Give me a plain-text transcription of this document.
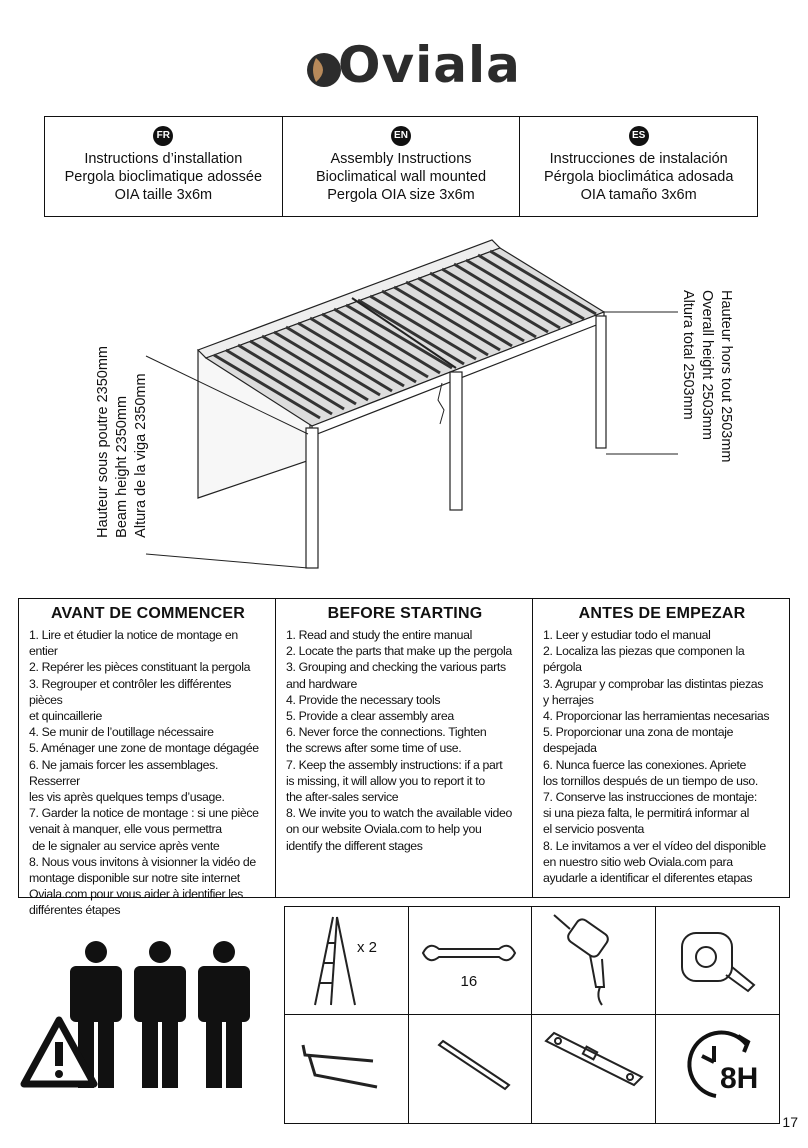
Oviala
FR
Instructions d’installation
Pergola bioclimatique adossée
OIA taille 3x6m
EN
Assembly Instructions
Bioclimatical wall mounted
Pergola OIA size 3x6m
ES
Instrucciones de instalación
Pérgola bioclimática adosada
OIA tamaño 3x6m
Hauteur sous poutre 2350mm Beam height 2350mm Altura de la viga 2350mm	Hauteur hors tout 2503mm
Overall height 2503mm
Altura total 2503mm
AVANT DE COMMENCER
1. Lire et étudier la notice de montage en entier
2. Repérer les pièces constituant la pergola
3. Regrouper et contrôler les différentes pièces
et quincaillerie
4. Se munir de l’outillage nécessaire
5. Aménager une zone de montage dégagée
6. Ne jamais forcer les assemblages. Resserrer
les vis après quelques temps d’usage.
7. Garder la notice de montage : si une pièce
venait à manquer, elle vous permettra
de le signaler au service après vente
8. Nous vous invitons à visionner la vidéo de
montage disponible sur notre site internet
Oviala.com pour vous aider à identifier les
différentes étapes
BEFORE STARTING
1. Read and study the entire manual
2. Locate the parts that make up the pergola
3. Grouping and checking the various parts
and hardware
4. Provide the necessary tools
5. Provide a clear assembly area
6. Never force the connections. Tighten
the screws after some time of use.
7. Keep the assembly instructions: if a part
is missing, it will allow you to report it to
the after-sales service
8. We invite you to watch the available video
on our website Oviala.com to help you
identify the different stages
ANTES DE EMPEZAR
1. Leer y estudiar todo el manual
2. Localiza las piezas que componen la
pérgola
3. Agrupar y comprobar las distintas piezas
y herrajes
4. Proporcionar las herramientas necesarias
5. Proporcionar una zona de montaje
despejada
6. Nunca fuerce las conexiones. Apriete
los tornillos después de un tiempo de uso.
7. Conserve las instrucciones de montaje:
si una pieza falta, le permitirá informar al
el servicio posventa
8. Le invitamos a ver el vídeo del disponible
en nuestro sitio web Oviala.com para
ayudarle a identificar el diferentes etapas
x 2
16
8H
17
